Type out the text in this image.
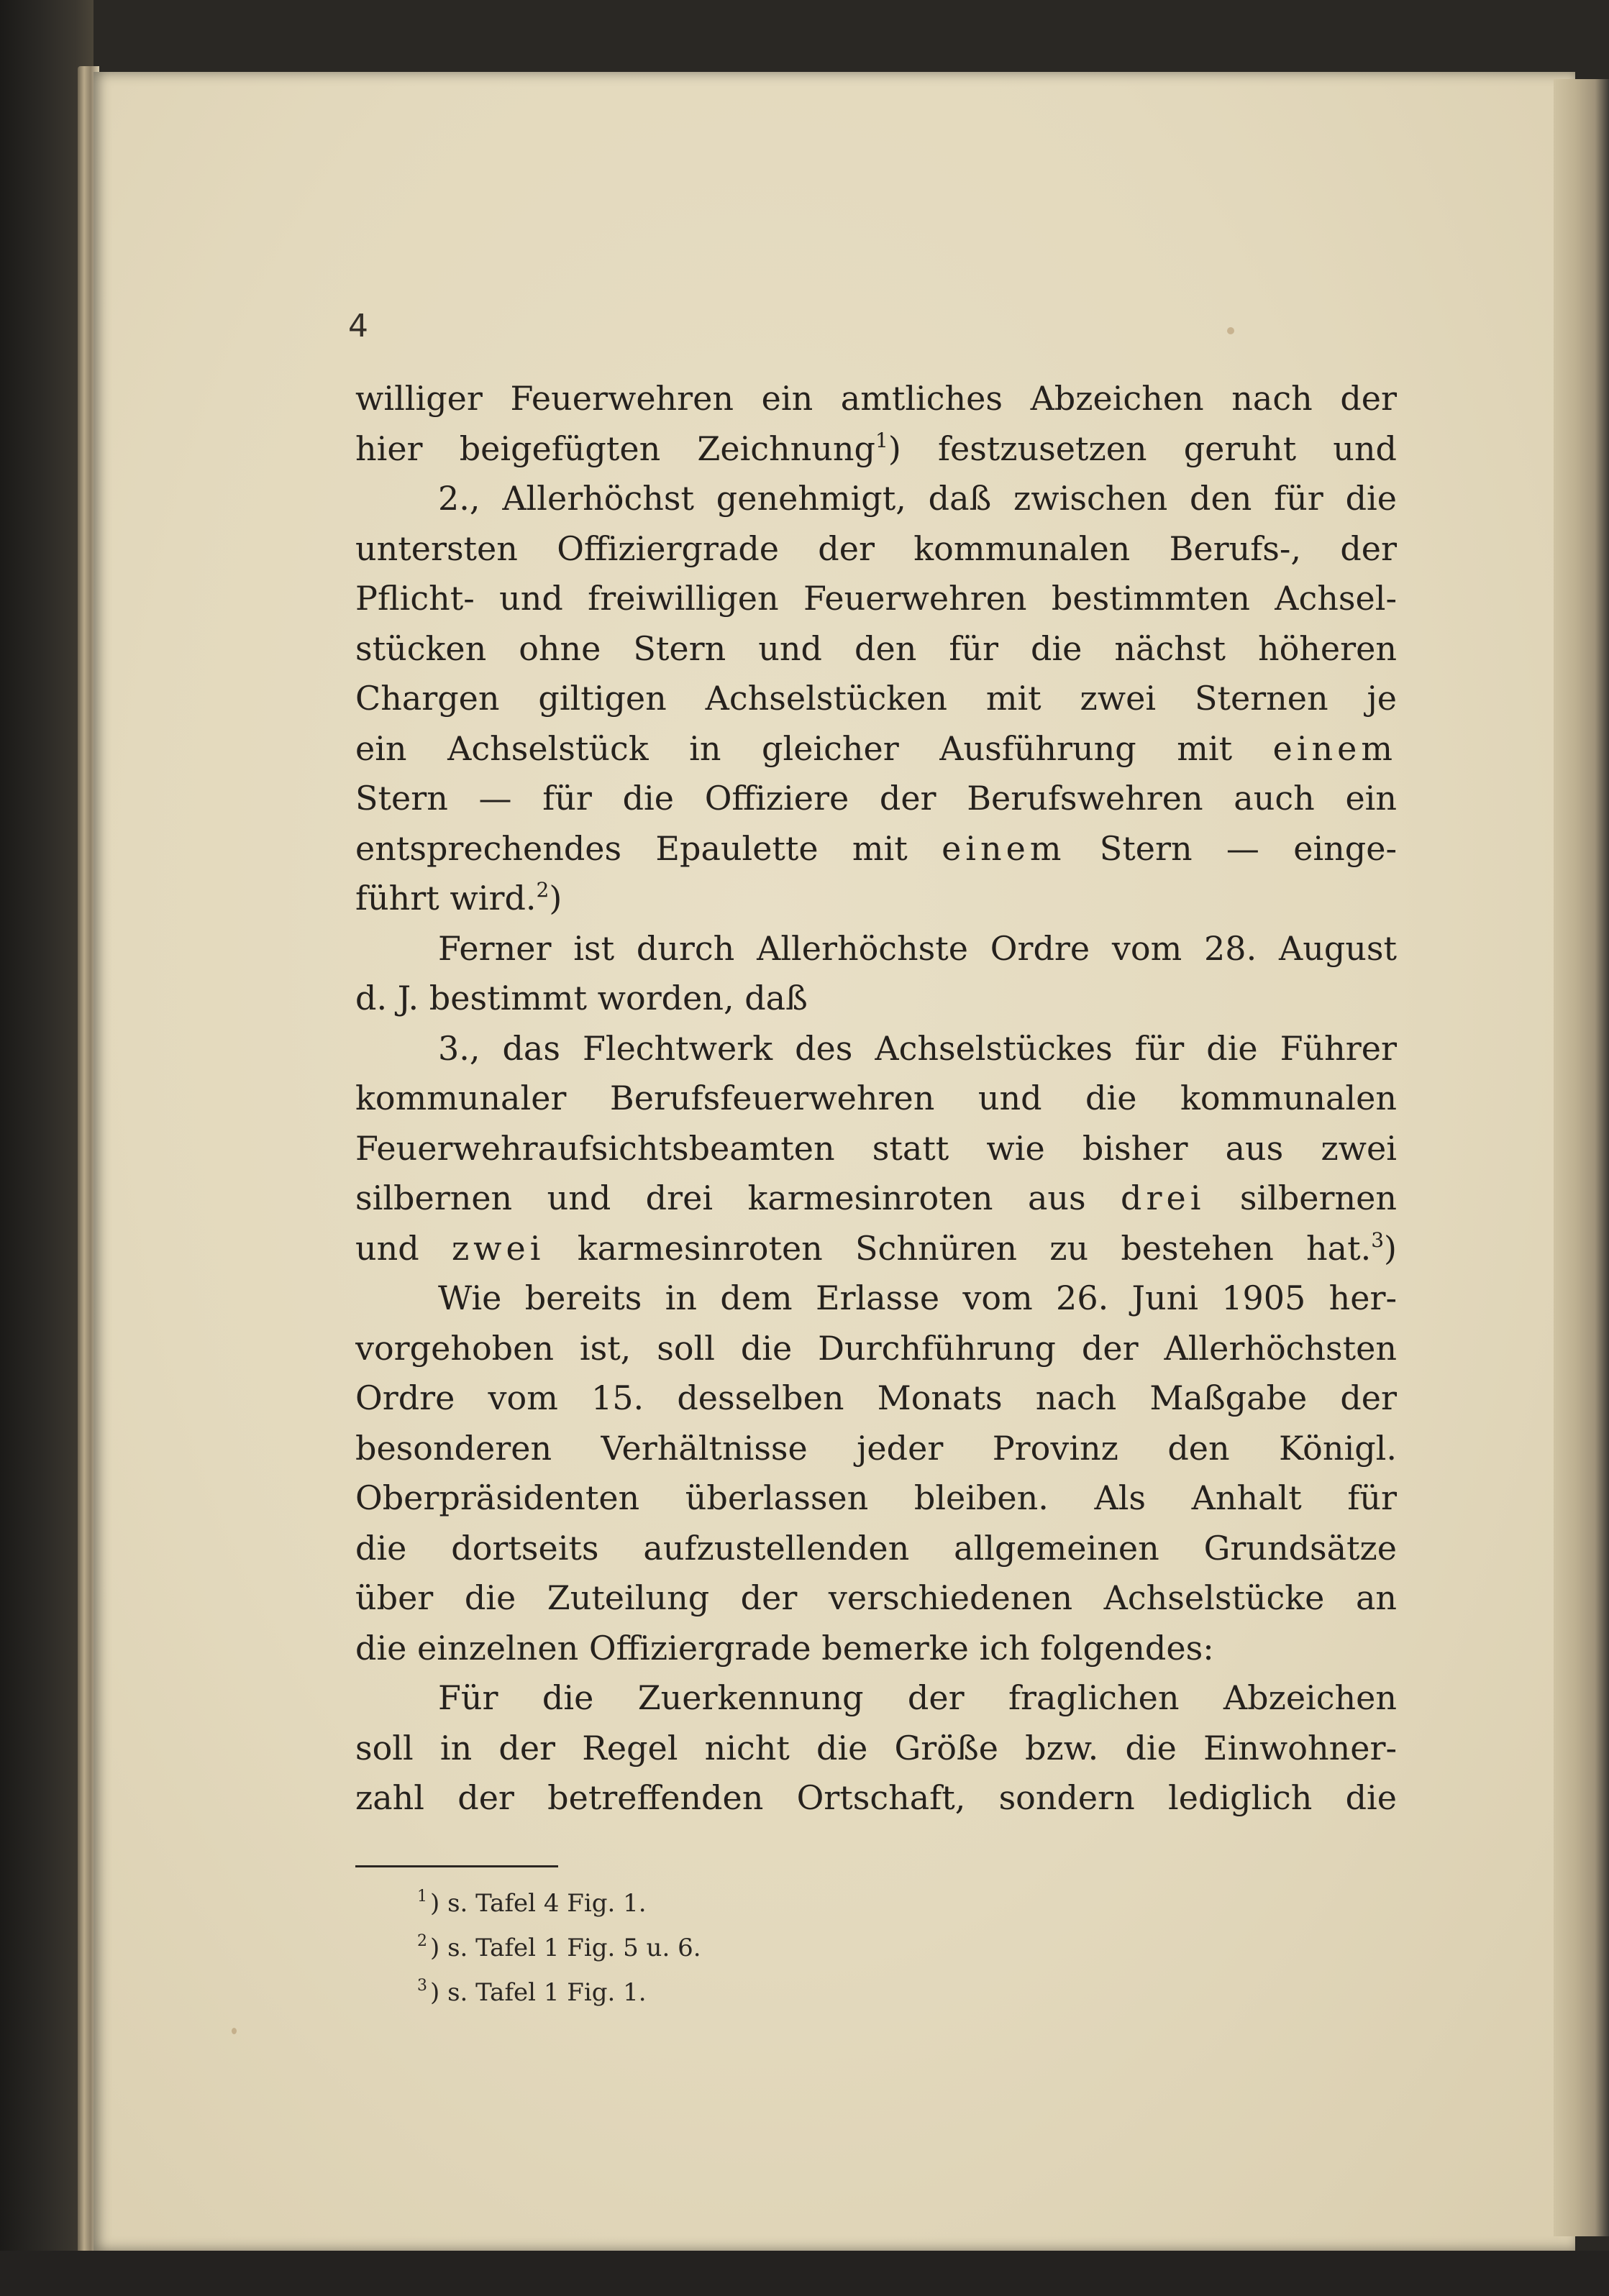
4
williger Feuerwehren ein amtliches Abzeichen nach der
hier beigefügten Zeichnung$^1$) festzusetzen geruht und
2., Allerhöchst genehmigt, daß zwischen den für die
untersten Offiziergrade der kommunalen Berufs-, der
Pflicht- und freiwilligen Feuerwehren bestimmten Achsel-
stücken ohne Stern und den für die nächst höheren
Chargen giltigen Achselstücken mit zwei Sternen je
ein Achselstück in gleicher Ausführung mit einem
Stern — für die Offiziere der Berufswehren auch ein
entsprechendes Epaulette mit einem Stern — einge-
führt wird.$^2$)
Ferner ist durch Allerhöchste Ordre vom 28. August
d. J. bestimmt worden, daß
3., das Flechtwerk des Achselstückes für die Führer
kommunaler Berufsfeuerwehren und die kommunalen
Feuerwehraufsichtsbeamten statt wie bisher aus zwei
silbernen und drei karmesinroten aus drei silbernen
und zwei karmesinroten Schnüren zu bestehen hat.$^3$)
Wie bereits in dem Erlasse vom 26. Juni 1905 her-
vorgehoben ist, soll die Durchführung der Allerhöchsten
Ordre vom 15. desselben Monats nach Maßgabe der
besonderen Verhältnisse jeder Provinz den Königl.
Oberpräsidenten überlassen bleiben. Als Anhalt für
die dortseits aufzustellenden allgemeinen Grundsätze
über die Zuteilung der verschiedenen Achselstücke an
die einzelnen Offiziergrade bemerke ich folgendes:
Für die Zuerkennung der fraglichen Abzeichen
soll in der Regel nicht die Größe bzw. die Einwohner-
zahl der betreffenden Ortschaft, sondern lediglich die
$^1$ ) s. Tafel 4 Fig. 1.
$^2$ ) s. Tafel 1 Fig. 5 u. 6.
$^3$ ) s. Tafel 1 Fig. 1.
